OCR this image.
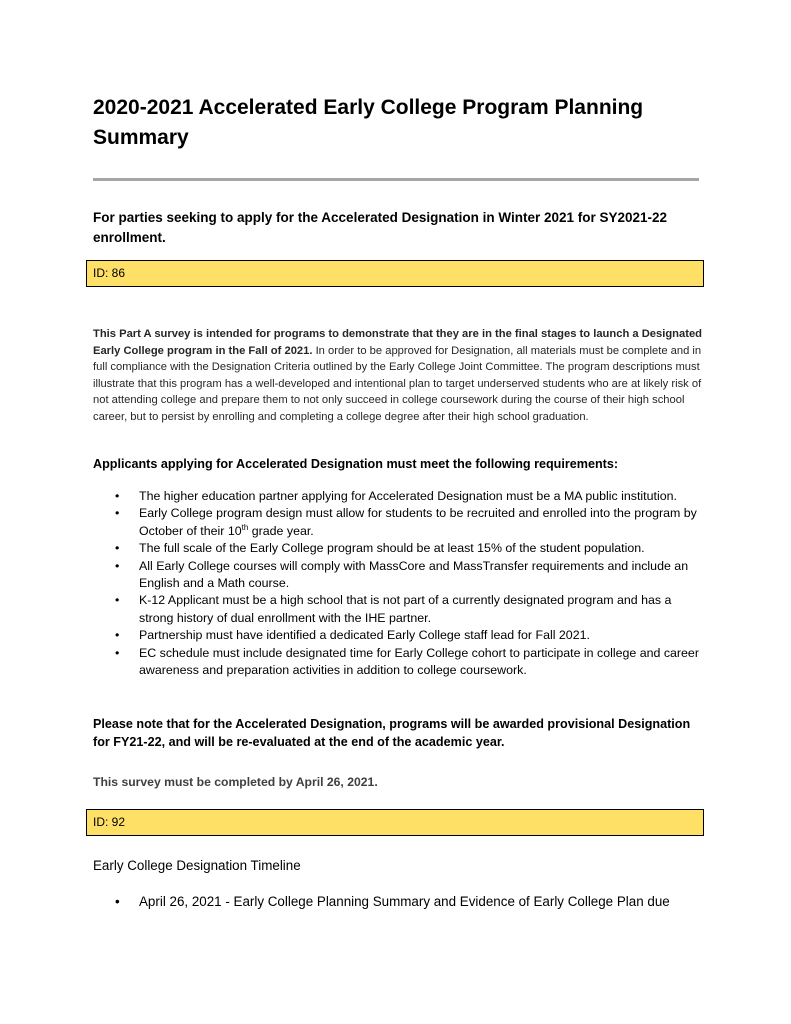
2020-2021 Accelerated Early College Program Planning Summary

For parties seeking to apply for the Accelerated Designation in Winter 2021 for SY2021-22 enrollment.

ID: 86

This Part A survey is intended for programs to demonstrate that they are in the final stages to launch a Designated Early College program in the Fall of 2021. In order to be approved for Designation, all materials must be complete and in full compliance with the Designation Criteria outlined by the Early College Joint Committee. The program descriptions must illustrate that this program has a well-developed and intentional plan to target underserved students who are at likely risk of not attending college and prepare them to not only succeed in college coursework during the course of their high school career, but to persist by enrolling and completing a college degree after their high school graduation.

Applicants applying for Accelerated Designation must meet the following requirements:

• The higher education partner applying for Accelerated Designation must be a MA public institution.
• Early College program design must allow for students to be recruited and enrolled into the program by October of their 10th grade year.
• The full scale of the Early College program should be at least 15% of the student population.
• All Early College courses will comply with MassCore and MassTransfer requirements and include an English and a Math course.
• K-12 Applicant must be a high school that is not part of a currently designated program and has a strong history of dual enrollment with the IHE partner.
• Partnership must have identified a dedicated Early College staff lead for Fall 2021.
• EC schedule must include designated time for Early College cohort to participate in college and career awareness and preparation activities in addition to college coursework.

Please note that for the Accelerated Designation, programs will be awarded provisional Designation for FY21-22, and will be re-evaluated at the end of the academic year.

This survey must be completed by April 26, 2021.

ID: 92

Early College Designation Timeline

• April 26, 2021 - Early College Planning Summary and Evidence of Early College Plan due
